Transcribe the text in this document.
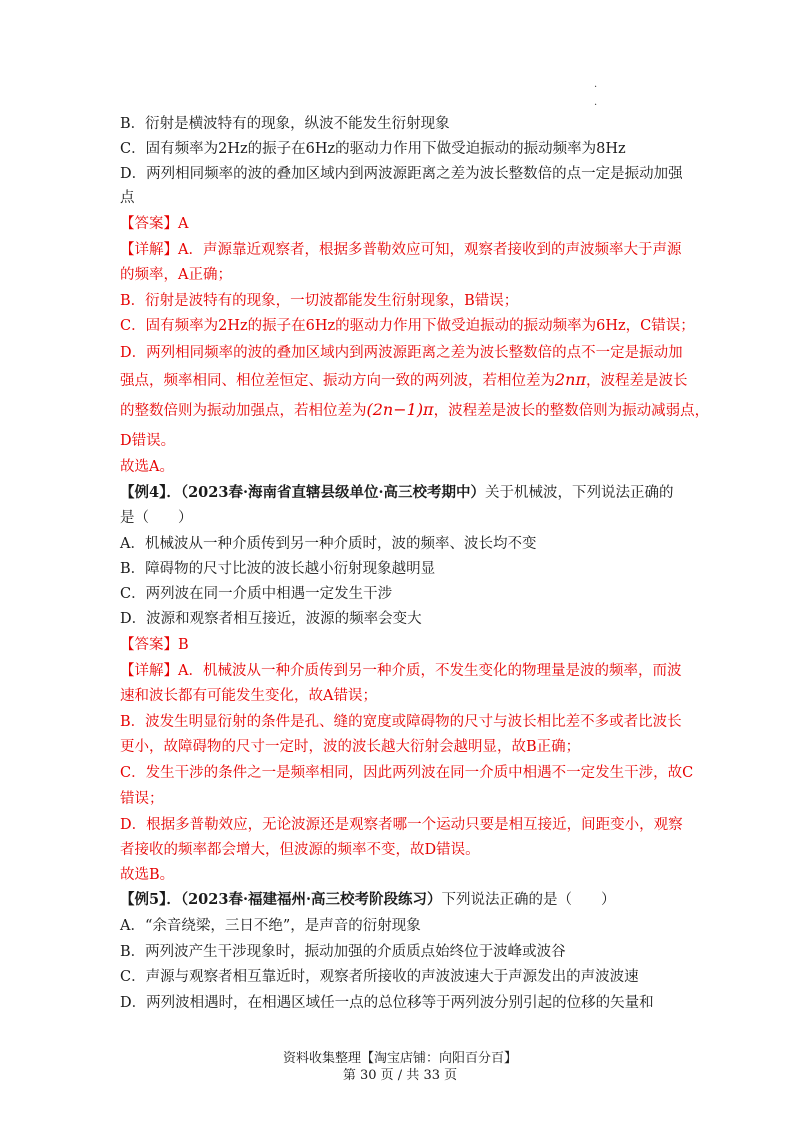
·
·
B．衍射是横波特有的现象，纵波不能发生衍射现象
C．固有频率为2Hz的振子在6Hz的驱动力作用下做受迫振动的振动频率为8Hz
D．两列相同频率的波的叠加区域内到两波源距离之差为波长整数倍的点一定是振动加强
点
【答案】A
【详解】A．声源靠近观察者，根据多普勒效应可知，观察者接收到的声波频率大于声源
的频率，A正确；
B．衍射是波特有的现象，一切波都能发生衍射现象，B错误；
C．固有频率为2Hz的振子在6Hz的驱动力作用下做受迫振动的振动频率为6Hz，C错误；
D．两列相同频率的波的叠加区域内到两波源距离之差为波长整数倍的点不一定是振动加
强点，频率相同、相位差恒定、振动方向一致的两列波，若相位差为2nπ，波程差是波长
的整数倍则为振动加强点，若相位差为(2n−1)π，波程差是波长的整数倍则为振动减弱点，
D错误。
故选A。
【例4】．（2023春·海南省直辖县级单位·高三校考期中）关于机械波，下列说法正确的
是（　　）
A．机械波从一种介质传到另一种介质时，波的频率、波长均不变
B．障碍物的尺寸比波的波长越小衍射现象越明显
C．两列波在同一介质中相遇一定发生干涉
D．波源和观察者相互接近，波源的频率会变大
【答案】B
【详解】A．机械波从一种介质传到另一种介质，不发生变化的物理量是波的频率，而波
速和波长都有可能发生变化，故A错误；
B．波发生明显衍射的条件是孔、缝的宽度或障碍物的尺寸与波长相比差不多或者比波长
更小，故障碍物的尺寸一定时，波的波长越大衍射会越明显，故B正确；
C．发生干涉的条件之一是频率相同，因此两列波在同一介质中相遇不一定发生干涉，故C
错误；
D．根据多普勒效应，无论波源还是观察者哪一个运动只要是相互接近，间距变小，观察
者接收的频率都会增大，但波源的频率不变，故D错误。
故选B。
【例5】．（2023春·福建福州·高三校考阶段练习）下列说法正确的是（　　）
A．“余音绕梁，三日不绝”，是声音的衍射现象
B．两列波产生干涉现象时，振动加强的介质质点始终位于波峰或波谷
C．声源与观察者相互靠近时，观察者所接收的声波波速大于声源发出的声波波速
D．两列波相遇时，在相遇区域任一点的总位移等于两列波分别引起的位移的矢量和
资料收集整理【淘宝店铺：向阳百分百】
第 30 页 / 共 33 页
